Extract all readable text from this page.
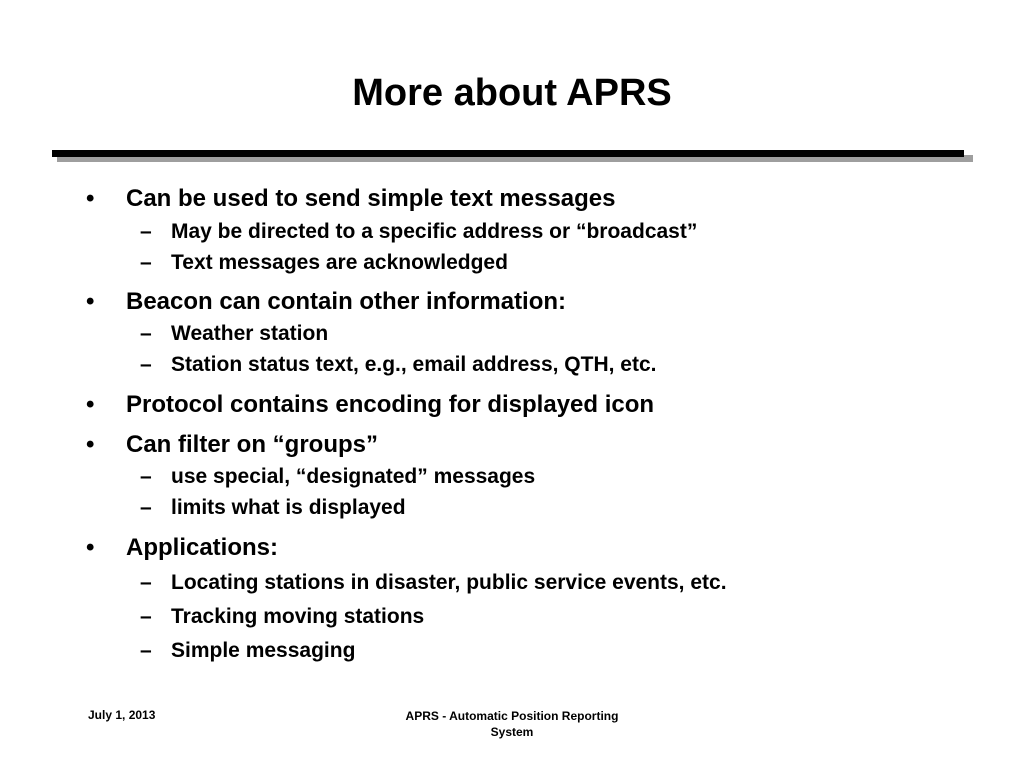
More about APRS
•	Can be used to send simple text messages
– May be directed to a specific address or “broadcast”
– Text messages are acknowledged
•	Beacon can contain other information:
– Weather station
– Station status text, e.g., email address, QTH, etc.
•	Protocol contains encoding for displayed icon
•	Can filter on “groups”
– use special, “designated” messages
– limits what is displayed
•	Applications:
– Locating stations in disaster, public service events, etc.
– Tracking moving stations
– Simple messaging
July 1, 2013	APRS - Automatic Position Reporting
System
